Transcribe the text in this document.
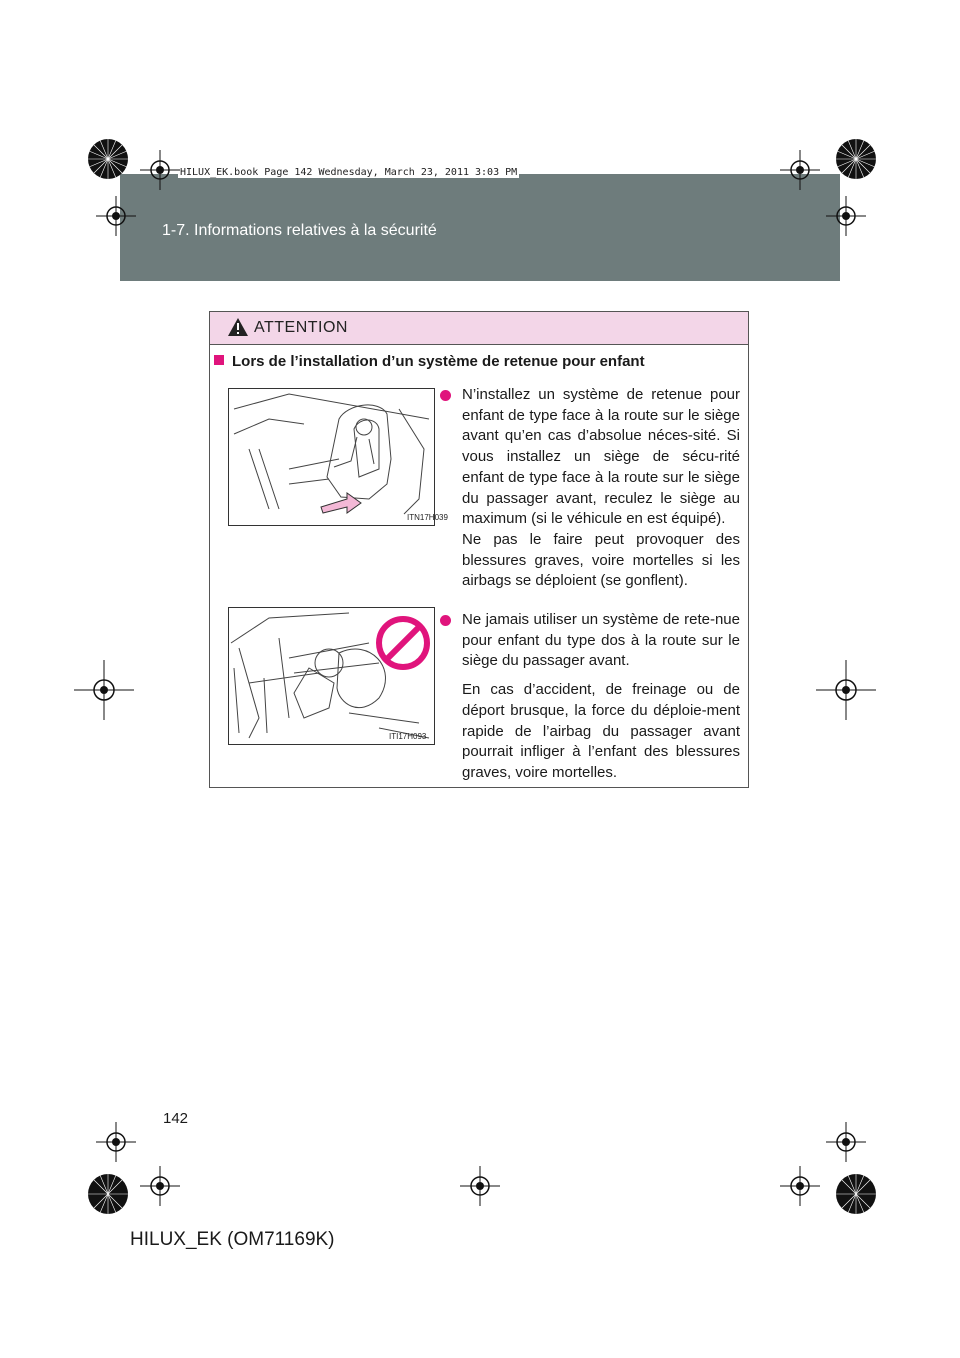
1-7. Informations relatives à la sécurité
HILUX_EK.book Page 142 Wednesday, March 23, 2011 3:03 PM
ATTENTION
Lors de l’installation d’un système de retenue pour enfant
ITN17H039
ITI17H093

N’installez un système de retenue pour enfant de type face à la route sur le siège avant qu’en cas d’absolue néces-sité. Si vous installez un siège de sécu-rité enfant de type face à la route sur le siège du passager avant, reculez le siège au maximum (si le véhicule en est équipé).

Ne pas le faire peut provoquer des blessures graves, voire mortelles si les airbags se déploient (se gonflent).

Ne jamais utiliser un système de rete-nue pour enfant du type dos à la route sur le siège du passager avant.

En cas d’accident, de freinage ou de déport brusque, la force du déploie-ment rapide de l’airbag du passager avant pourrait infliger à l’enfant des blessures graves, voire mortelles.

142
HILUX_EK (OM71169K)
